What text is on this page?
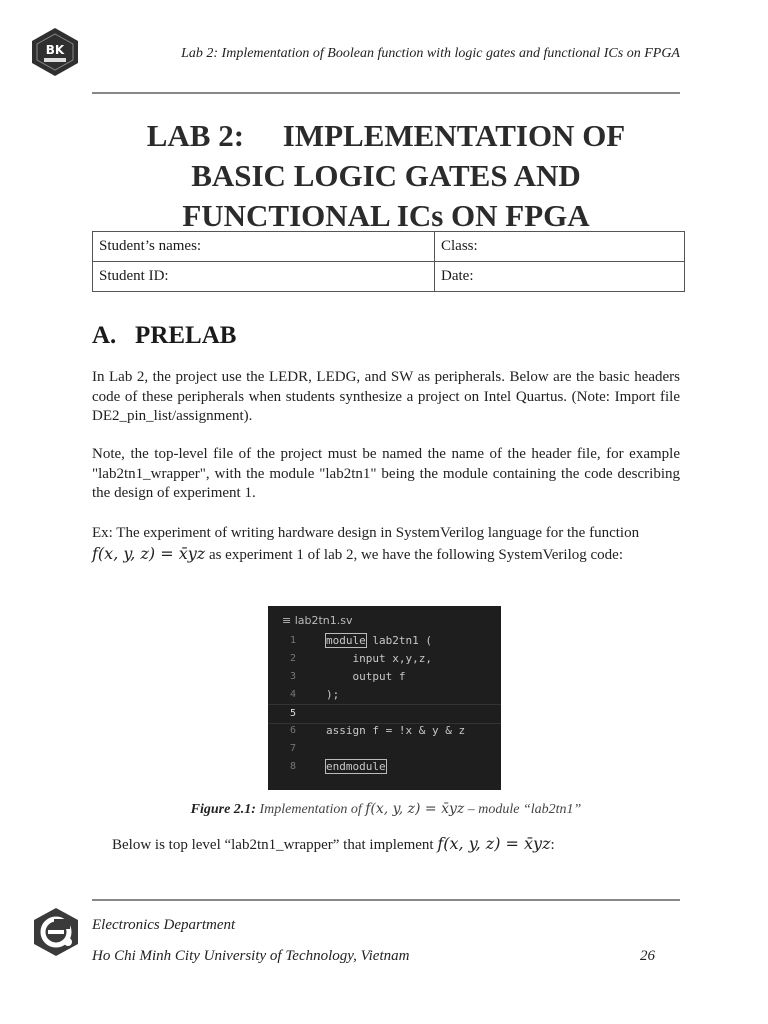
BK	Lab 2: Implementation of Boolean function with logic gates and functional ICs on FPGA
LAB 2:  IMPLEMENTATION OF
BASIC LOGIC GATES AND
FUNCTIONAL ICs ON FPGA
Student’s names:	Class:
Student ID:	Date:
A.  PRELAB
In Lab 2, the project use the LEDR, LEDG, and SW as peripherals. Below are the basic headers code of these peripherals when students synthesize a project on Intel Quartus. (Note: Import file DE2_pin_list/assignment).
Note, the top-level file of the project must be named the name of the header file, for example "lab2tn1_wrapper", with the module "lab2tn1" being the module containing the code describing the design of experiment 1.
Ex: The experiment of writing hardware design in SystemVerilog language for the function
f(x, y, z) = x̄yz as experiment 1 of lab 2, we have the following SystemVerilog code:
≡ lab2tn1.sv
1	module lab2tn1 (
2	input x,y,z,
3	output f
4	);
5
6	assign f = !x & y & z
7
8	endmodule
Figure 2.1: Implementation of f(x, y, z) = x̄yz – module “lab2tn1”
Below is top level “lab2tn1_wrapper” that implement f(x, y, z) = x̄yz:
Electronics Department
Ho Chi Minh City University of Technology, Vietnam	26
